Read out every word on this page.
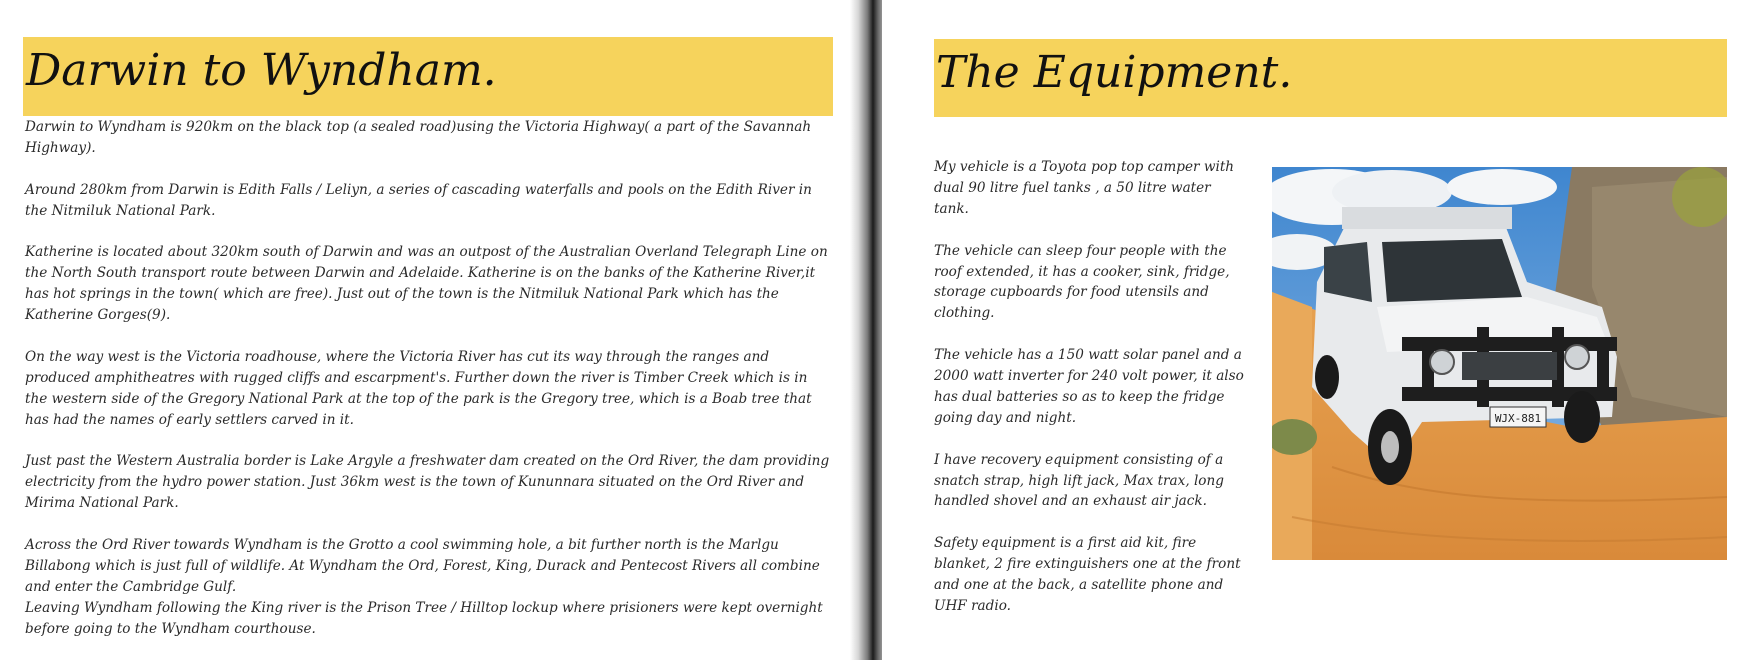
Darwin to Wyndham.

Darwin to Wyndham is 920km on the black top (a sealed road)using the Victoria Highway( a part of the Savannah Highway).

Around 280km from Darwin is Edith Falls / Leliyn, a series of cascading waterfalls and pools on the Edith River in the Nitmiluk National Park.

Katherine is located about 320km south of Darwin and was an outpost of the Australian Overland Telegraph Line on the North South transport route between Darwin and Adelaide. Katherine is on the banks of the Katherine River,it has hot springs in the town( which are free). Just out of the town is the Nitmiluk National Park which has the Katherine Gorges(9).

On the way west is the Victoria roadhouse, where the Victoria River has cut its way through the ranges and produced amphitheatres with rugged cliffs and escarpment's. Further down the river is Timber Creek which is in the western side of the Gregory National Park at the top of the park is the Gregory tree, which is a Boab tree that has had the names of early settlers carved in it.

Just past the Western Australia border is Lake Argyle a freshwater dam created on the Ord River, the dam providing electricity from the hydro power station. Just 36km west is the town of Kununnara situated on the Ord River and Mirima National Park.

Across the Ord River towards Wyndham is the Grotto a cool swimming hole, a bit further north is the Marlgu Billabong which is just full of wildlife. At Wyndham the Ord, Forest, King, Durack and Pentecost Rivers all combine and enter the Cambridge Gulf.

Leaving Wyndham following the King river is the Prison Tree / Hilltop lockup where prisioners were kept overnight before going to the Wyndham courthouse.

The Equipment.

My vehicle is a Toyota pop top camper with dual 90 litre fuel tanks , a 50 litre water tank.

The vehicle can sleep four people with the roof extended, it has a cooker, sink, fridge, storage cupboards for food utensils and clothing.

The vehicle has a 150 watt solar panel and a 2000 watt inverter for 240 volt power, it also has dual batteries so as to keep the fridge going day and night.

I have recovery equipment consisting of a snatch strap, high lift jack, Max trax, long handled shovel and an exhaust air jack.

Safety equipment is a first aid kit, fire blanket, 2 fire extinguishers one at the front and one at the back, a satellite phone and UHF radio.

WJX-881
